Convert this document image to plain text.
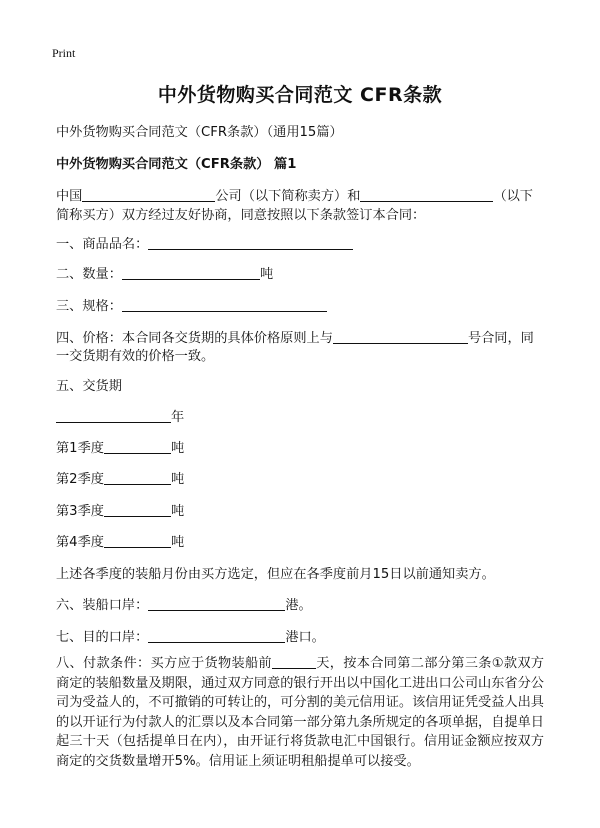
Print
中外货物购买合同范文 CFR条款
中外货物购买合同范文（CFR条款）（通用15篇）
中外货物购买合同范文（CFR条款） 篇1
中国	公司（以下简称卖方）和	（以下
简称买方）双方经过友好协商，同意按照以下条款签订本合同：
一、商品品名：
二、数量：	吨
三、规格：
四、价格：本合同各交货期的具体价格原则上与	号合同，同
一交货期有效的价格一致。
五、交货期
年
第1季度	吨
第2季度	吨
第3季度	吨
第4季度	吨
上述各季度的装船月份由买方选定，但应在各季度前月15日以前通知卖方。
六、装船口岸：	港。
七、目的口岸：	港口。
八、付款条件：买方应于货物装船前	天，按本合同第二部分第三条①款双方商定的装船数量及期限，通过双方同意的银行开出以中国化工进出口公司山东省分公司为受益人的，不可撤销的可转让的，可分割的美元信用证。该信用证凭受益人出具的以开证行为付款人的汇票以及本合同第一部分第九条所规定的各项单据，自提单日起三十天（包括提单日在内），由开证行将货款电汇中国银行。信用证金额应按双方商定的交货数量增开5%。信用证上须证明租船提单可以接受。
